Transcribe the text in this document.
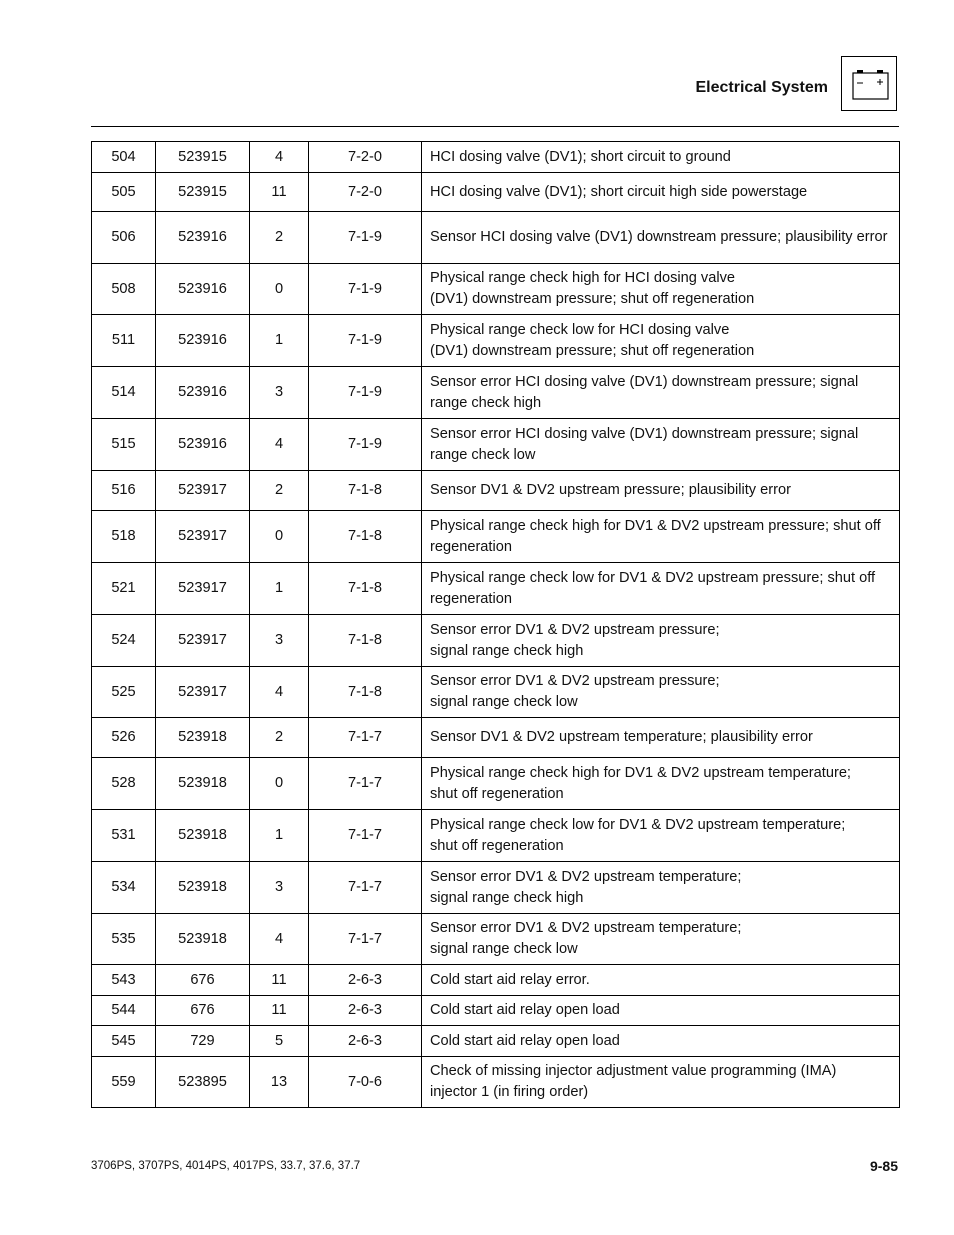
Electrical System
504	523915	4	7-2-0	HCI dosing valve (DV1); short circuit to ground
505	523915	11	7-2-0	HCI dosing valve (DV1); short circuit high side powerstage
506	523916	2	7-1-9	Sensor HCI dosing valve (DV1) downstream pressure; plausibility error
508	523916	0	7-1-9	Physical range check high for HCI dosing valve
(DV1) downstream pressure; shut off regeneration
511	523916	1	7-1-9	Physical range check low for HCI dosing valve
(DV1) downstream pressure; shut off regeneration
514	523916	3	7-1-9	Sensor error HCI dosing valve (DV1) downstream pressure; signal range check high
515	523916	4	7-1-9	Sensor error HCI dosing valve (DV1) downstream pressure; signal range check low
516	523917	2	7-1-8	Sensor DV1 & DV2 upstream pressure; plausibility error
518	523917	0	7-1-8	Physical range check high for DV1 & DV2 upstream pressure; shut off regeneration
521	523917	1	7-1-8	Physical range check low for DV1 & DV2 upstream pressure; shut off regeneration
524	523917	3	7-1-8	Sensor error DV1 & DV2 upstream pressure;
signal range check high
525	523917	4	7-1-8	Sensor error DV1 & DV2 upstream pressure;
signal range check low
526	523918	2	7-1-7	Sensor DV1 & DV2 upstream temperature; plausibility error
528	523918	0	7-1-7	Physical range check high for DV1 & DV2 upstream temperature;
shut off regeneration
531	523918	1	7-1-7	Physical range check low for DV1 & DV2 upstream temperature;
shut off regeneration
534	523918	3	7-1-7	Sensor error DV1 & DV2 upstream temperature;
signal range check high
535	523918	4	7-1-7	Sensor error DV1 & DV2 upstream temperature;
signal range check low
543	676	11	2-6-3	Cold start aid relay error.
544	676	11	2-6-3	Cold start aid relay open load
545	729	5	2-6-3	Cold start aid relay open load
559	523895	13	7-0-6	Check of missing injector adjustment value programming (IMA)
injector 1 (in firing order)
3706PS, 3707PS, 4014PS, 4017PS, 33.7, 37.6, 37.7	9-85
